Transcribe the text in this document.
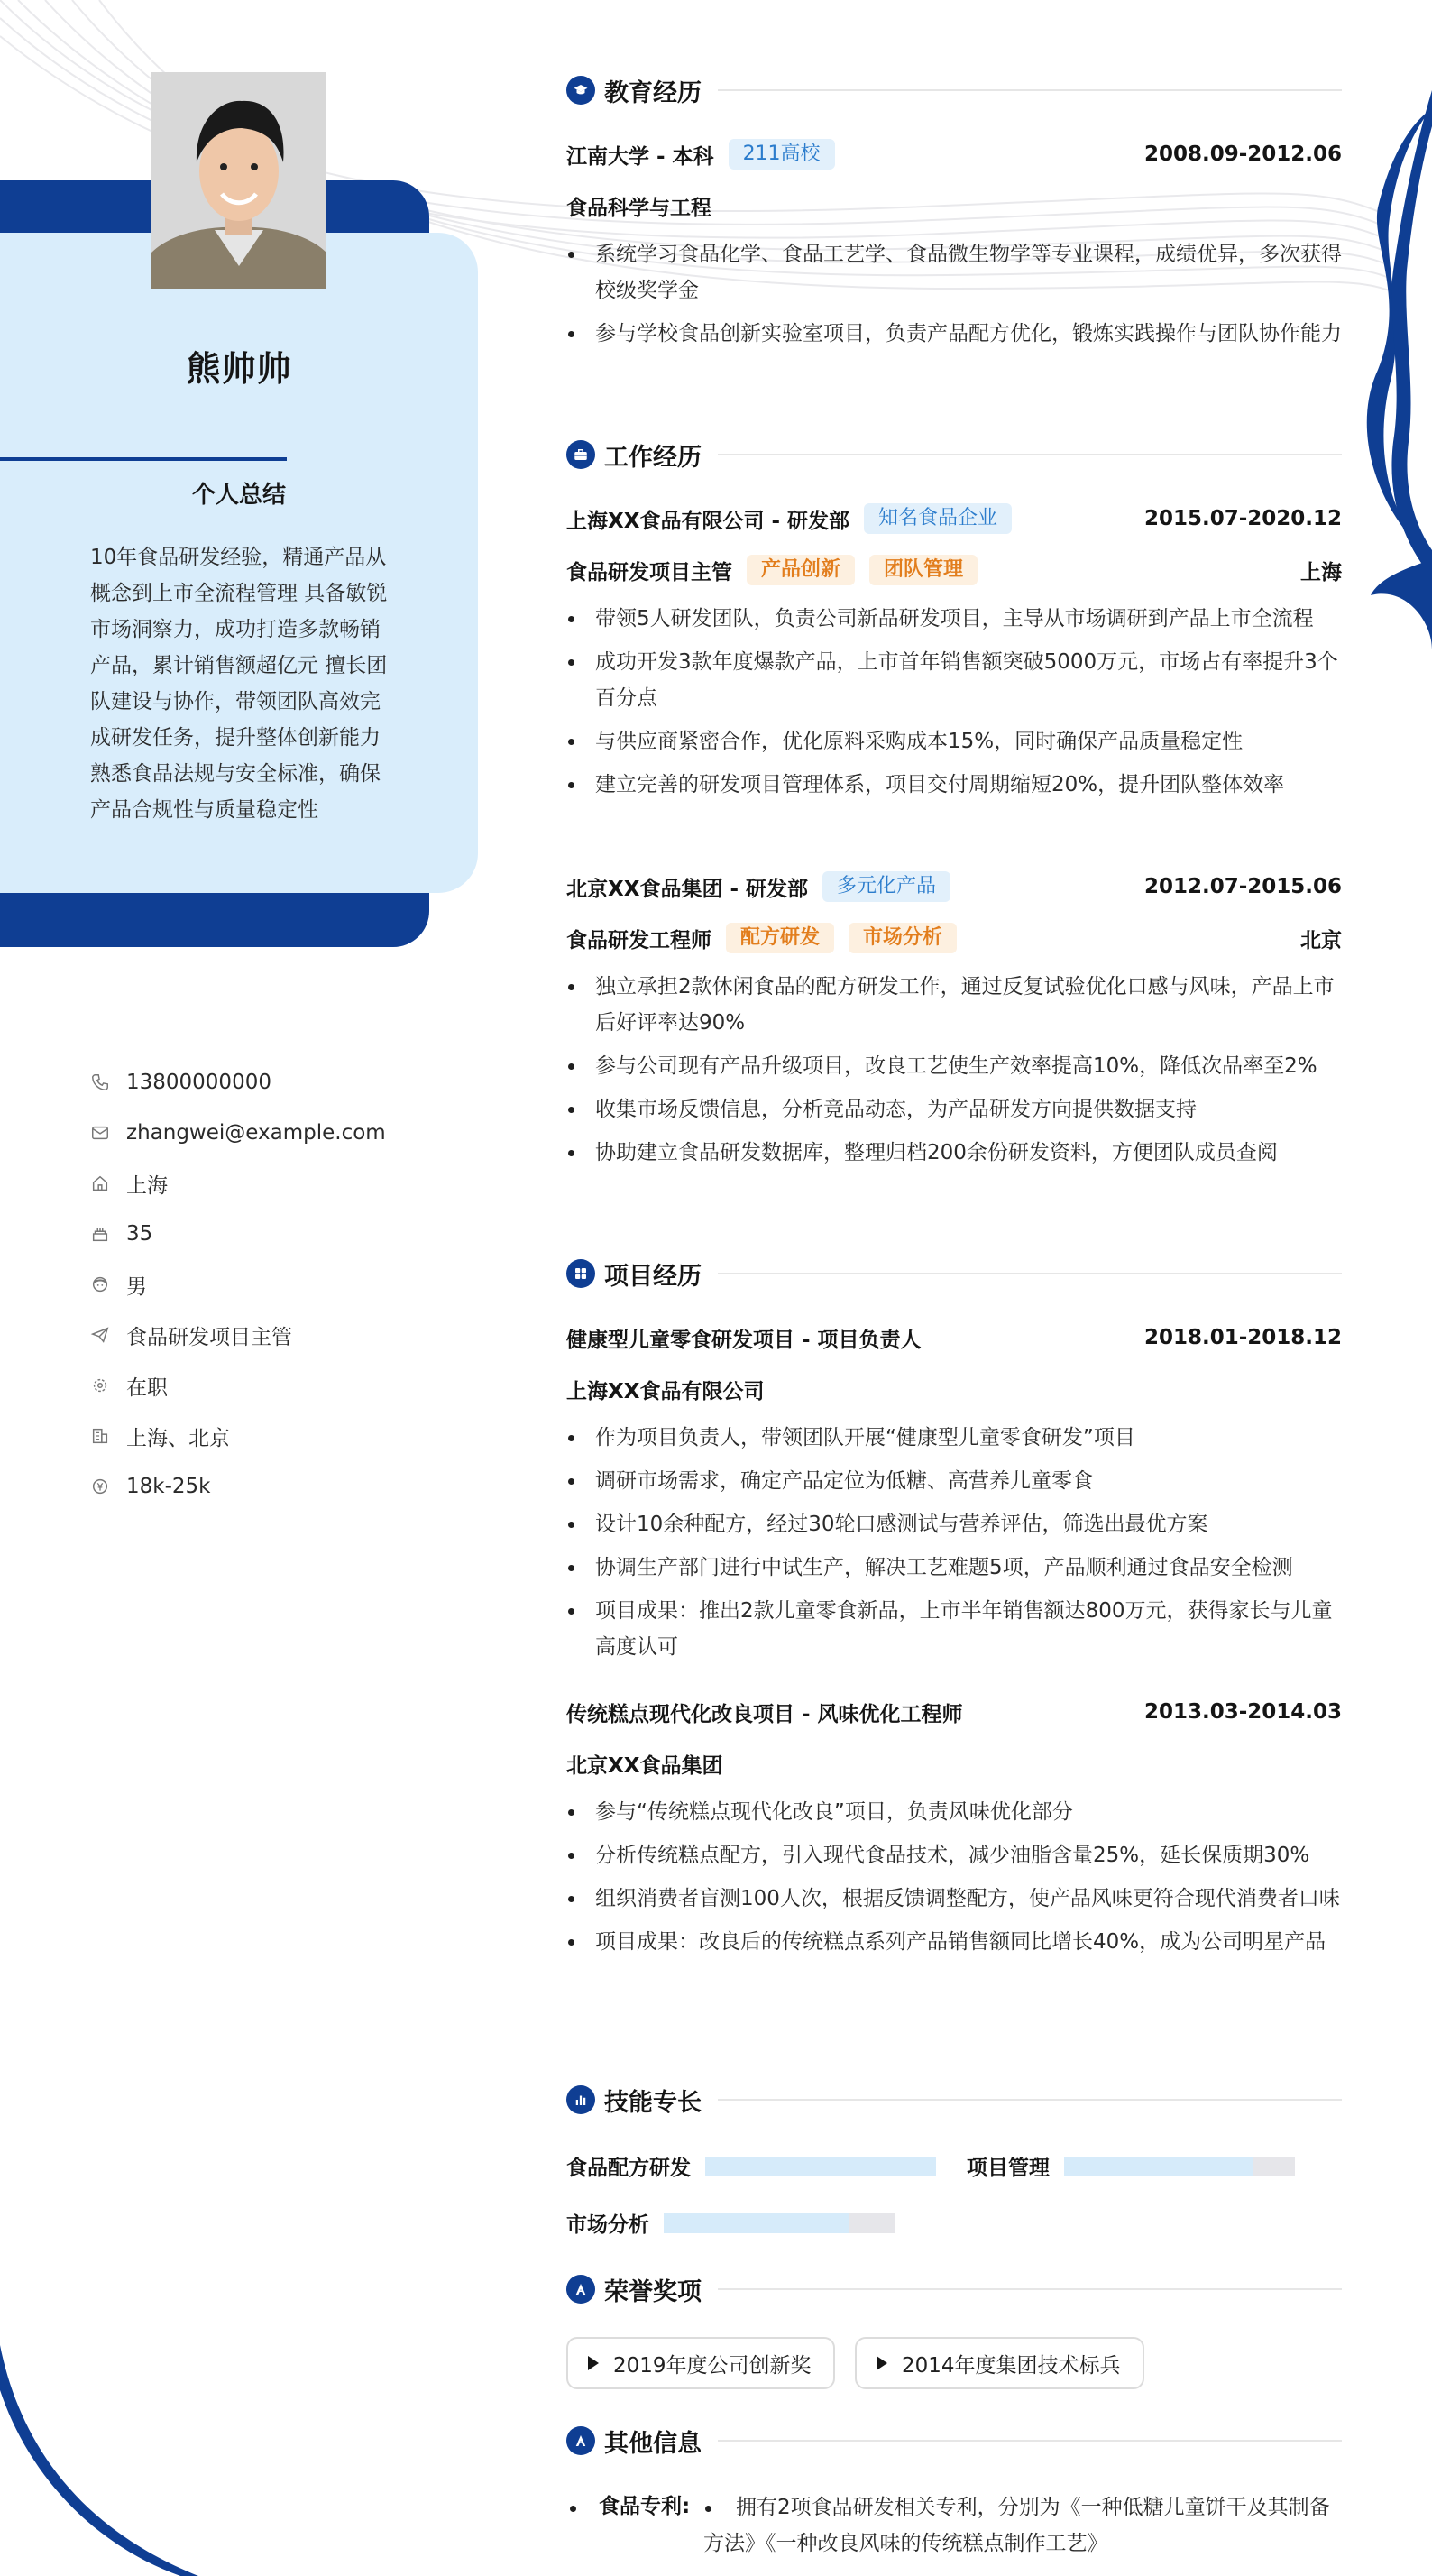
熊帅帅
个人总结
10年食品研发经验，精通产品从概念到上市全流程管理 具备敏锐市场洞察力，成功打造多款畅销产品，累计销售额超亿元 擅长团队建设与协作，带领团队高效完成研发任务，提升整体创新能力 熟悉食品法规与安全标准，确保产品合规性与质量稳定性
13800000000
zhangwei@example.com
上海
35
男
食品研发项目主管
在职
上海、北京
18k-25k
教育经历
江南大学 - 本科	211高校	2008.09-2012.06
食品科学与工程
系统学习食品化学、食品工艺学、食品微生物学等专业课程，成绩优异，多次获得校级奖学金
参与学校食品创新实验室项目，负责产品配方优化，锻炼实践操作与团队协作能力
工作经历
上海XX食品有限公司 - 研发部	知名食品企业	2015.07-2020.12
食品研发项目主管	产品创新	团队管理	上海
带领5人研发团队，负责公司新品研发项目，主导从市场调研到产品上市全流程
成功开发3款年度爆款产品，上市首年销售额突破5000万元，市场占有率提升3个百分点
与供应商紧密合作，优化原料采购成本15%，同时确保产品质量稳定性
建立完善的研发项目管理体系，项目交付周期缩短20%，提升团队整体效率
北京XX食品集团 - 研发部	多元化产品	2012.07-2015.06
食品研发工程师	配方研发	市场分析	北京
独立承担2款休闲食品的配方研发工作，通过反复试验优化口感与风味，产品上市后好评率达90%
参与公司现有产品升级项目，改良工艺使生产效率提高10%，降低次品率至2%
收集市场反馈信息，分析竞品动态，为产品研发方向提供数据支持
协助建立食品研发数据库，整理归档200余份研发资料，方便团队成员查阅
项目经历
健康型儿童零食研发项目 - 项目负责人	2018.01-2018.12
上海XX食品有限公司
作为项目负责人，带领团队开展“健康型儿童零食研发”项目
调研市场需求，确定产品定位为低糖、高营养儿童零食
设计10余种配方，经过30轮口感测试与营养评估，筛选出最优方案
协调生产部门进行中试生产，解决工艺难题5项，产品顺利通过食品安全检测
项目成果：推出2款儿童零食新品，上市半年销售额达800万元，获得家长与儿童高度认可
传统糕点现代化改良项目 - 风味优化工程师	2013.03-2014.03
北京XX食品集团
参与“传统糕点现代化改良”项目，负责风味优化部分
分析传统糕点配方，引入现代食品技术，减少油脂含量25%，延长保质期30%
组织消费者盲测100人次，根据反馈调整配方，使产品风味更符合现代消费者口味
项目成果：改良后的传统糕点系列产品销售额同比增长40%，成为公司明星产品
技能专长
食品配方研发	项目管理
市场分析
荣誉奖项
2019年度公司创新奖	2014年度集团技术标兵
其他信息
食品专利:	拥有2项食品研发相关专利，分别为《一种低糖儿童饼干及其制备方法》《一种改良风味的传统糕点制作工艺》
